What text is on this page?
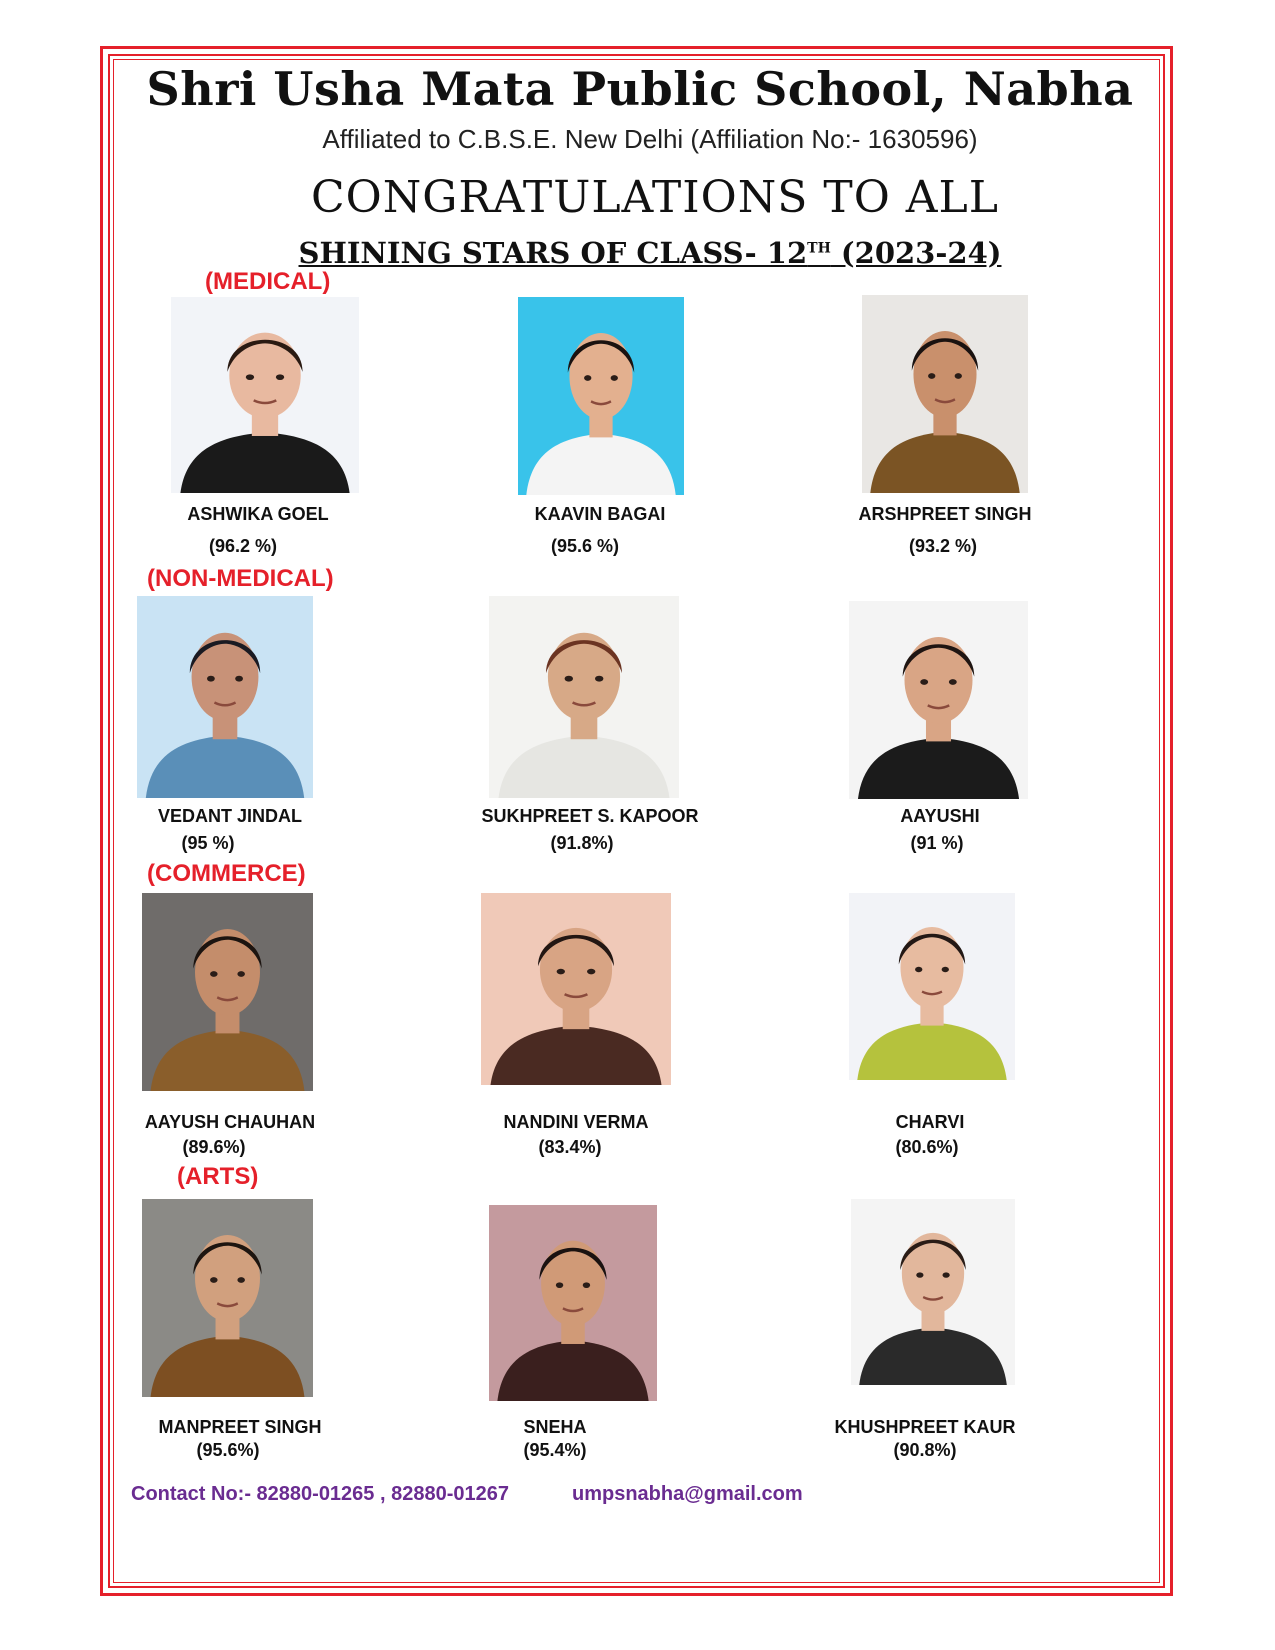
Shri Usha Mata Public School, Nabha
Affiliated to C.B.S.E. New Delhi (Affiliation No:- 1630596)
CONGRATULATIONS TO ALL
SHINING STARS OF CLASS- 12TH (2023-24)
(MEDICAL)
(NON-MEDICAL)
(COMMERCE)
(ARTS)
ASHWIKA GOEL
(96.2 %)
KAAVIN BAGAI
(95.6 %)
ARSHPREET SINGH
(93.2 %)
VEDANT JINDAL
(95 %)
SUKHPREET S. KAPOOR
(91.8%)
AAYUSHI
(91 %)
AAYUSH CHAUHAN
(89.6%)
NANDINI VERMA
(83.4%)
CHARVI
(80.6%)
MANPREET SINGH
(95.6%)
SNEHA
(95.4%)
KHUSHPREET KAUR
(90.8%)
Contact No:- 82880-01265 , 82880-01267	umpsnabha@gmail.com
